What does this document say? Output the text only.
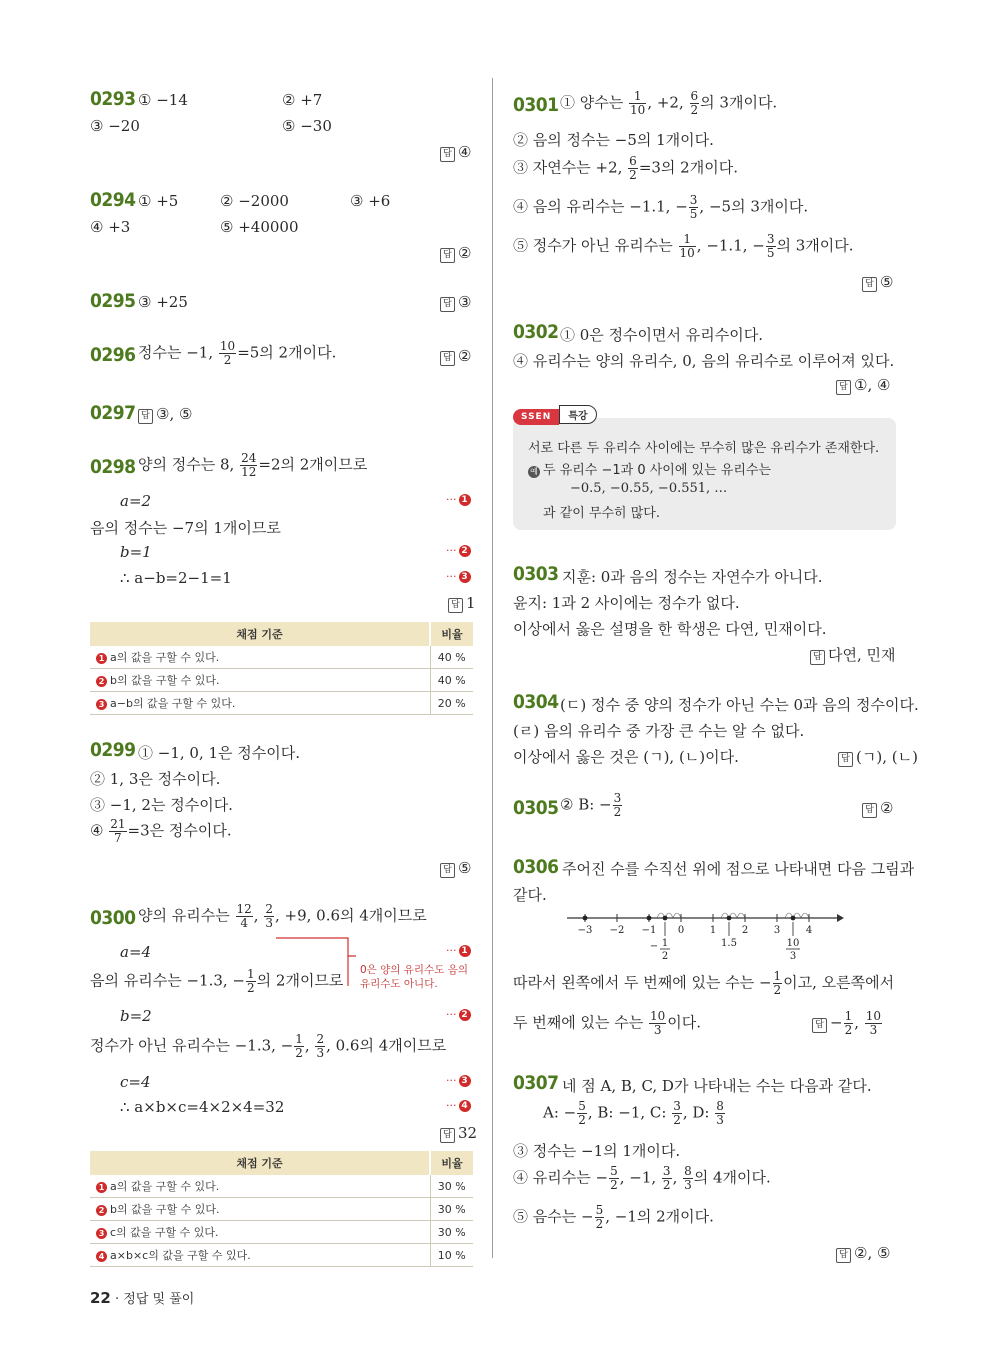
0293 ① −14	② +7
③ −20	⑤ −30
답 ④
0294 ① +5	② −2000	③ +6
④ +3	⑤ +40000
답 ②
0295 ③ +25	답 ③
0296 정수는 −1, $\frac{10}{2} =5$의 2개이다.	답 ②
0297 답 ③, ⑤
0298 양의 정수는 8, $\frac{24}{12} =2$의 2개이므로
a=2	··· 1
음의 정수는 −7의 1개이므로
b=1	··· 2
∴ a−b=2−1=1	··· 3
답 1
채점 기준	비율
1 a의 값을 구할 수 있다.	40 %
2 b의 값을 구할 수 있다.	40 %
3 a−b의 값을 구할 수 있다.	20 %
0299 ① −1, 0, 1은 정수이다.
② 1, 3은 정수이다.
③ −1, 2는 정수이다.
④ $\frac{21}{7} =3$은 정수이다.
답 ⑤
0300 양의 유리수는 $\frac{12}{4}$ , $\frac{2}{3}$ , +9, 0.6의 4개이므로
a=4	··· 1
음의 유리수는 −1.3, − $\frac{1}{2}$ 의 2개이므로
0은 양의 유리수도 음의 유리수도 아니다.
b=2	··· 2
정수가 아닌 유리수는 −1.3, − $\frac{1}{2}$ , $\frac{2}{3}$ , 0.6의 4개이므로
c=4	··· 3
∴ a×b×c=4×2×4=32	··· 4
답 32
채점 기준	비율
1 a의 값을 구할 수 있다.	30 %
2 b의 값을 구할 수 있다.	30 %
3 c의 값을 구할 수 있다.	30 %
4 a×b×c의 값을 구할 수 있다.	10 %
22 · 정답 및 풀이
0301 ① 양수는 $\frac{1}{10}$ , +2, $\frac{6}{2}$ 의 3개이다.
② 음의 정수는 −5의 1개이다.
③ 자연수는 +2, $\frac{6}{2} =3$의 2개이다.
④ 음의 유리수는 −1.1, − $\frac{3}{5}$ , −5의 3개이다.
⑤ 정수가 아닌 유리수는 $\frac{1}{10}$ , −1.1, − $\frac{3}{5}$ 의 3개이다.
답 ⑤
0302 ① 0은 정수이면서 유리수이다.
④ 유리수는 양의 유리수, 0, 음의 유리수로 이루어져 있다.
답 ①, ④
SSEN 특강
서로 다른 두 유리수 사이에는 무수히 많은 유리수가 존재한다.
예 두 유리수 −1과 0 사이에 있는 유리수는
−0.5, −0.55, −0.551, …
과 같이 무수히 많다.
0303 지훈: 0과 음의 정수는 자연수가 아니다.
윤지: 1과 2 사이에는 정수가 없다.
이상에서 옳은 설명을 한 학생은 다연, 민재이다.
답 다연, 민재
0304 (ㄷ) 정수 중 양의 정수가 아닌 수는 0과 음의 정수이다.
(ㄹ) 음의 유리수 중 가장 큰 수는 알 수 없다.
이상에서 옳은 것은 (ㄱ), (ㄴ)이다.	답 (ㄱ), (ㄴ)
0305 ② B: − $\frac{3}{2}$	답 ②
0306 주어진 수를 수직선 위에 점으로 나타내면 다음 그림과
같다.
−3 −2 −1 0	1	2	3	4
1
2
−	1.5	10
3
따라서 왼쪽에서 두 번째에 있는 수는 − $\frac{1}{2}$ 이고, 오른쪽에서
두 번째에 있는 수는 $\frac{10}{3}$ 이다.	답 − $\frac{1}{2}$ , $\frac{10}{3}$
0307 네 점 A, B, C, D가 나타내는 수는 다음과 같다.
A: − $\frac{5}{2}$ , B: −1, C: $\frac{3}{2}$ , D: $\frac{8}{3}$
③ 정수는 −1의 1개이다.
④ 유리수는 − $\frac{5}{2}$ , −1, $\frac{3}{2}$ , $\frac{8}{3}$ 의 4개이다.
⑤ 음수는 − $\frac{5}{2}$ , −1의 2개이다.
답 ②, ⑤
